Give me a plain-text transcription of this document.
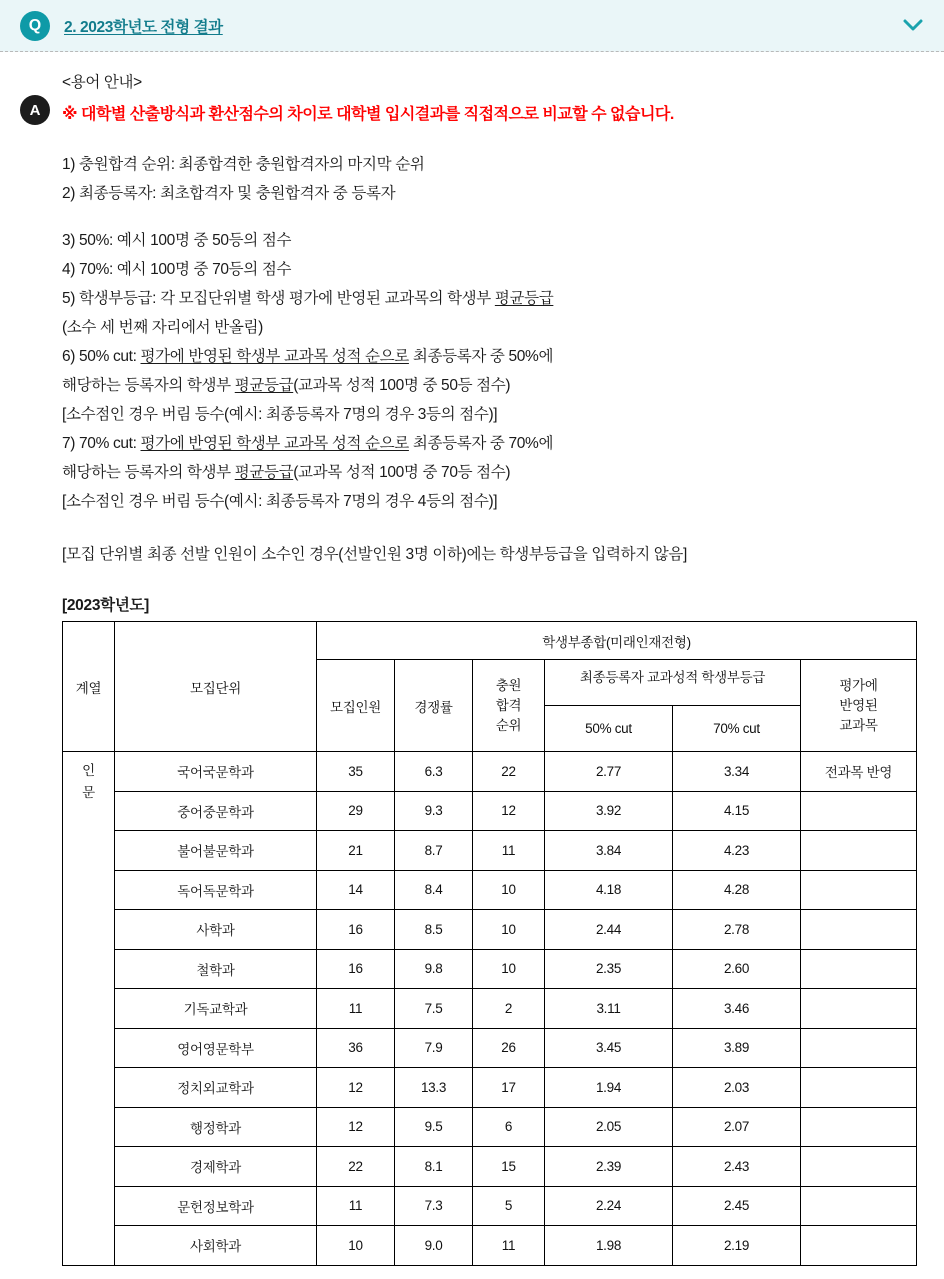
Q	2. 2023학년도 전형 결과
A
<용어 안내>
※ 대학별 산출방식과 환산점수의 차이로 대학별 입시결과를 직접적으로 비교할 수 없습니다.
1) 충원합격 순위: 최종합격한 충원합격자의 마지막 순위
2) 최종등록자: 최초합격자 및 충원합격자 중 등록자
3) 50%: 예시 100명 중 50등의 점수
4) 70%: 예시 100명 중 70등의 점수
5) 학생부등급: 각 모집단위별 학생 평가에 반영된 교과목의 학생부 평균등급
(소수 세 번째 자리에서 반올림)
6) 50% cut: 평가에 반영된 학생부 교과목 성적 순으로 최종등록자 중 50%에
해당하는 등록자의 학생부 평균등급(교과목 성적 100명 중 50등 점수)
[소수점인 경우 버림 등수(예시: 최종등록자 7명의 경우 3등의 점수)]
7) 70% cut: 평가에 반영된 학생부 교과목 성적 순으로 최종등록자 중 70%에
해당하는 등록자의 학생부 평균등급(교과목 성적 100명 중 70등 점수)
[소수점인 경우 버림 등수(예시: 최종등록자 7명의 경우 4등의 점수)]
[모집 단위별 최종 선발 인원이 소수인 경우(선발인원 3명 이하)에는 학생부등급을 입력하지 않음]
[2023학년도]
계열	모집단위	학생부종합(미래인재전형)					
		모집인원	경쟁률	충원
합격
순위	최종등록자 교과성적 학생부등급		평가에
반영된
교과목
					50% cut	70% cut	

인
문	국어국문학과	35	6.3	22	2.77	3.34	전과목 반영
	중어중문학과	29	9.3	12	3.92	4.15	
	불어불문학과	21	8.7	11	3.84	4.23	
	독어독문학과	14	8.4	10	4.18	4.28	
	사학과	16	8.5	10	2.44	2.78	
	철학과	16	9.8	10	2.35	2.60	
	기독교학과	11	7.5	2	3.11	3.46	
	영어영문학부	36	7.9	26	3.45	3.89	
	정치외교학과	12	13.3	17	1.94	2.03	
	행정학과	12	9.5	6	2.05	2.07	
	경제학과	22	8.1	15	2.39	2.43	
	문헌정보학과	11	7.3	5	2.24	2.45	
	사회학과	10	9.0	11	1.98	2.19	
